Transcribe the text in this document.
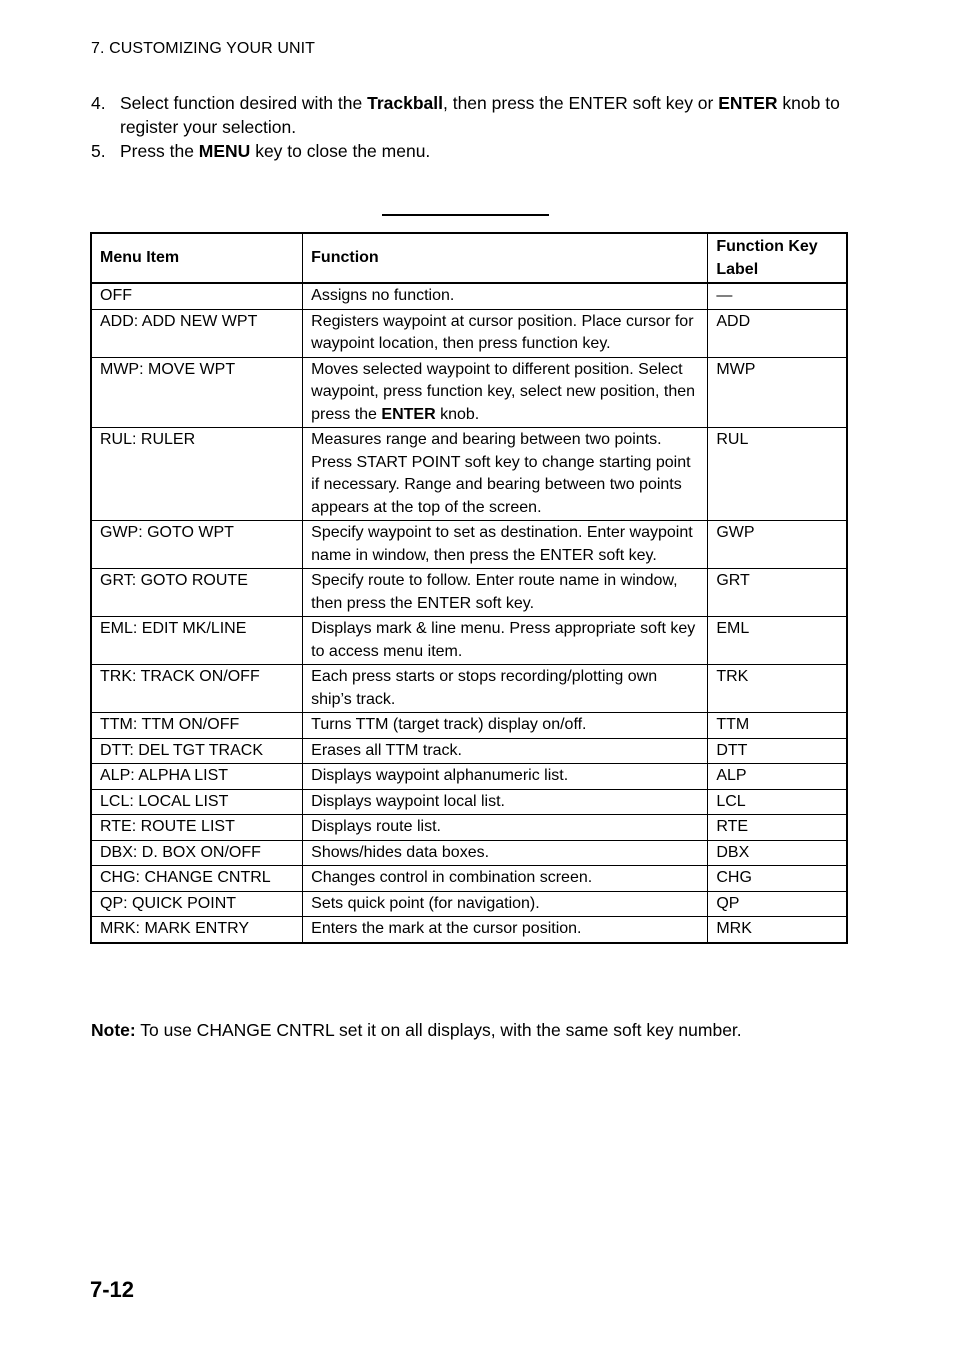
7. CUSTOMIZING YOUR UNIT
4. Select function desired with the Trackball, then press the ENTER soft key or ENTER knob to register your selection.
5. Press the MENU key to close the menu.
Menu Item	Function	Function Key Label
OFF	Assigns no function.	—
ADD: ADD NEW WPT	Registers waypoint at cursor position. Place cursor for waypoint location, then press function key.	ADD
MWP: MOVE WPT	Moves selected waypoint to different position. Select waypoint, press function key, select new position, then press the ENTER knob.	MWP
RUL: RULER	Measures range and bearing between two points. Press START POINT soft key to change starting point if necessary. Range and bearing between two points appears at the top of the screen.	RUL
GWP: GOTO WPT	Specify waypoint to set as destination. Enter waypoint name in window, then press the ENTER soft key.	GWP
GRT: GOTO ROUTE	Specify route to follow. Enter route name in window, then press the ENTER soft key.	GRT
EML: EDIT MK/LINE	Displays mark & line menu. Press appropriate soft key to access menu item.	EML
TRK: TRACK ON/OFF	Each press starts or stops recording/plotting own ship’s track.	TRK
TTM: TTM ON/OFF	Turns TTM (target track) display on/off.	TTM
DTT: DEL TGT TRACK	Erases all TTM track.	DTT
ALP: ALPHA LIST	Displays waypoint alphanumeric list.	ALP
LCL: LOCAL LIST	Displays waypoint local list.	LCL
RTE: ROUTE LIST	Displays route list.	RTE
DBX: D. BOX ON/OFF	Shows/hides data boxes.	DBX
CHG: CHANGE CNTRL	Changes control in combination screen.	CHG
QP: QUICK POINT	Sets quick point (for navigation).	QP
MRK: MARK ENTRY	Enters the mark at the cursor position.	MRK
Note: To use CHANGE CNTRL set it on all displays, with the same soft key number.
7-12
